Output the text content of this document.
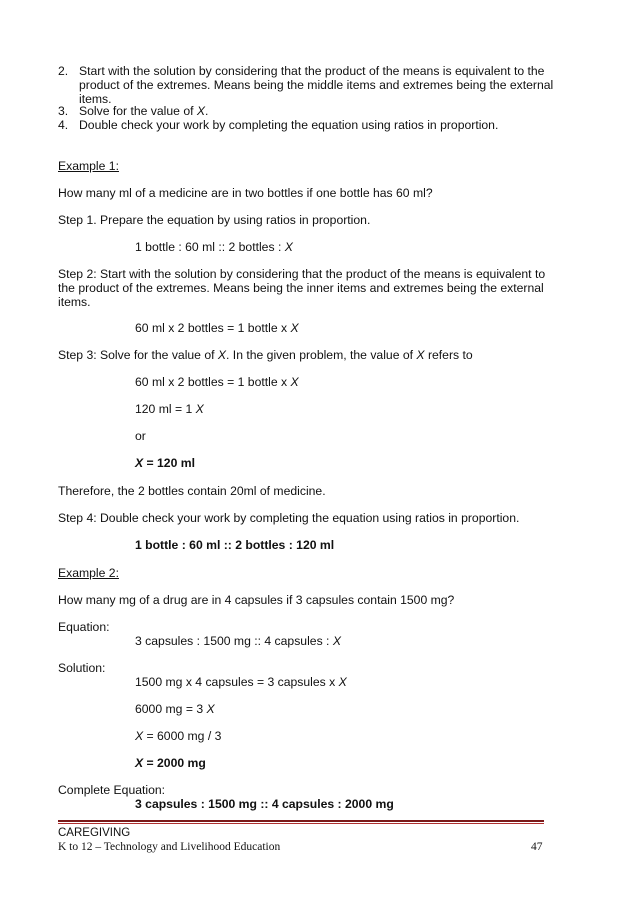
2. Start with the solution by considering that the product of the means is equivalent to the
product of the extremes. Means being the middle items and extremes being the external
items.
3. Solve for the value of X.
4. Double check your work by completing the equation using ratios in proportion.
Example 1:
How many ml of a medicine are in two bottles if one bottle has 60 ml?
Step 1. Prepare the equation by using ratios in proportion.
1 bottle : 60 ml :: 2 bottles : X
Step 2: Start with the solution by considering that the product of the means is equivalent to
the product of the extremes. Means being the inner items and extremes being the external
items.
60 ml x 2 bottles = 1 bottle x X
Step 3: Solve for the value of X. In the given problem, the value of X refers to
60 ml x 2 bottles = 1 bottle x X
120 ml = 1 X
or
X = 120 ml
Therefore, the 2 bottles contain 20ml of medicine.
Step 4: Double check your work by completing the equation using ratios in proportion.
1 bottle : 60 ml :: 2 bottles : 120 ml
Example 2:
How many mg of a drug are in 4 capsules if 3 capsules contain 1500 mg?
Equation:
3 capsules : 1500 mg :: 4 capsules : X
Solution:
1500 mg x 4 capsules = 3 capsules x X
6000 mg = 3 X
X = 6000 mg / 3
X = 2000 mg
Complete Equation:
3 capsules : 1500 mg :: 4 capsules : 2000 mg
CAREGIVING
K to 12 – Technology and Livelihood Education	47
